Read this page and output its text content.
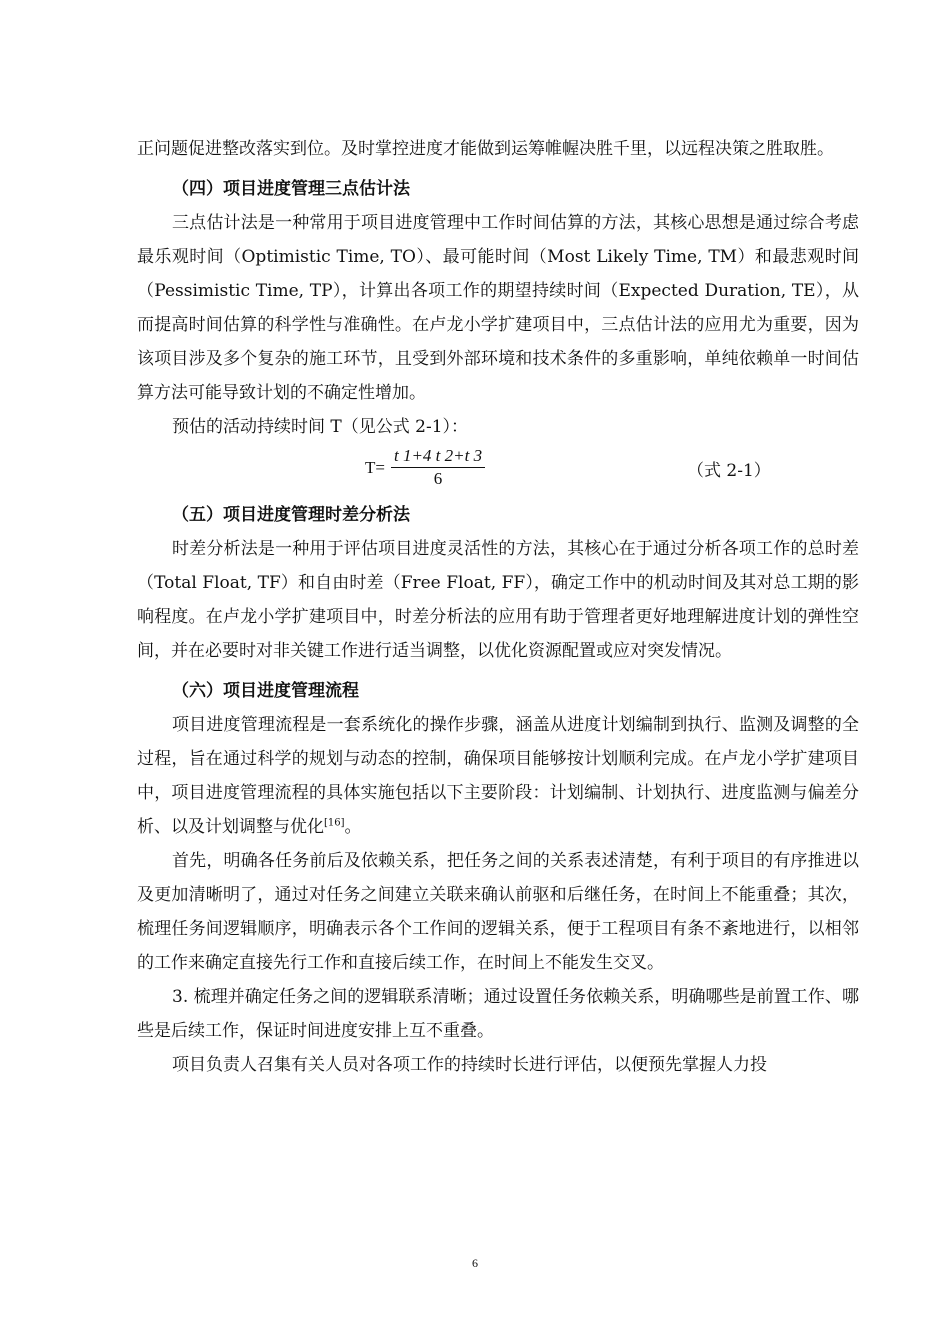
正问题促进整改落实到位。及时掌控进度才能做到运筹帷幄决胜千里，以远程决策之胜取胜。

（四）项目进度管理三点估计法

三点估计法是一种常用于项目进度管理中工作时间估算的方法，其核心思想是通过综合考虑最乐观时间（Optimistic Time, TO）、最可能时间（Most Likely Time, TM）和最悲观时间（Pessimistic Time, TP），计算出各项工作的期望持续时间（Expected Duration, TE），从而提高时间估算的科学性与准确性。在卢龙小学扩建项目中，三点估计法的应用尤为重要，因为该项目涉及多个复杂的施工环节，且受到外部环境和技术条件的多重影响，单纯依赖单一时间估算方法可能导致计划的不确定性增加。

预估的活动持续时间 T（见公式 2-1）：

$T= \frac{t 1+4 t 2+t 3}{6}$	（式 2-1）

（五）项目进度管理时差分析法

时差分析法是一种用于评估项目进度灵活性的方法，其核心在于通过分析各项工作的总时差（Total Float, TF）和自由时差（Free Float, FF），确定工作中的机动时间及其对总工期的影响程度。在卢龙小学扩建项目中，时差分析法的应用有助于管理者更好地理解进度计划的弹性空间，并在必要时对非关键工作进行适当调整，以优化资源配置或应对突发情况。

（六）项目进度管理流程

项目进度管理流程是一套系统化的操作步骤，涵盖从进度计划编制到执行、监测及调整的全过程，旨在通过科学的规划与动态的控制，确保项目能够按计划顺利完成。在卢龙小学扩建项目中，项目进度管理流程的具体实施包括以下主要阶段：计划编制、计划执行、进度监测与偏差分析、以及计划调整与优化[16]。

首先，明确各任务前后及依赖关系，把任务之间的关系表述清楚，有利于项目的有序推进以及更加清晰明了，通过对任务之间建立关联来确认前驱和后继任务，在时间上不能重叠；其次，梳理任务间逻辑顺序，明确表示各个工作间的逻辑关系，便于工程项目有条不紊地进行，以相邻的工作来确定直接先行工作和直接后续工作，在时间上不能发生交叉。

3. 梳理并确定任务之间的逻辑联系清晰；通过设置任务依赖关系，明确哪些是前置工作、哪些是后续工作，保证时间进度安排上互不重叠。

项目负责人召集有关人员对各项工作的持续时长进行评估，以便预先掌握人力投

6
